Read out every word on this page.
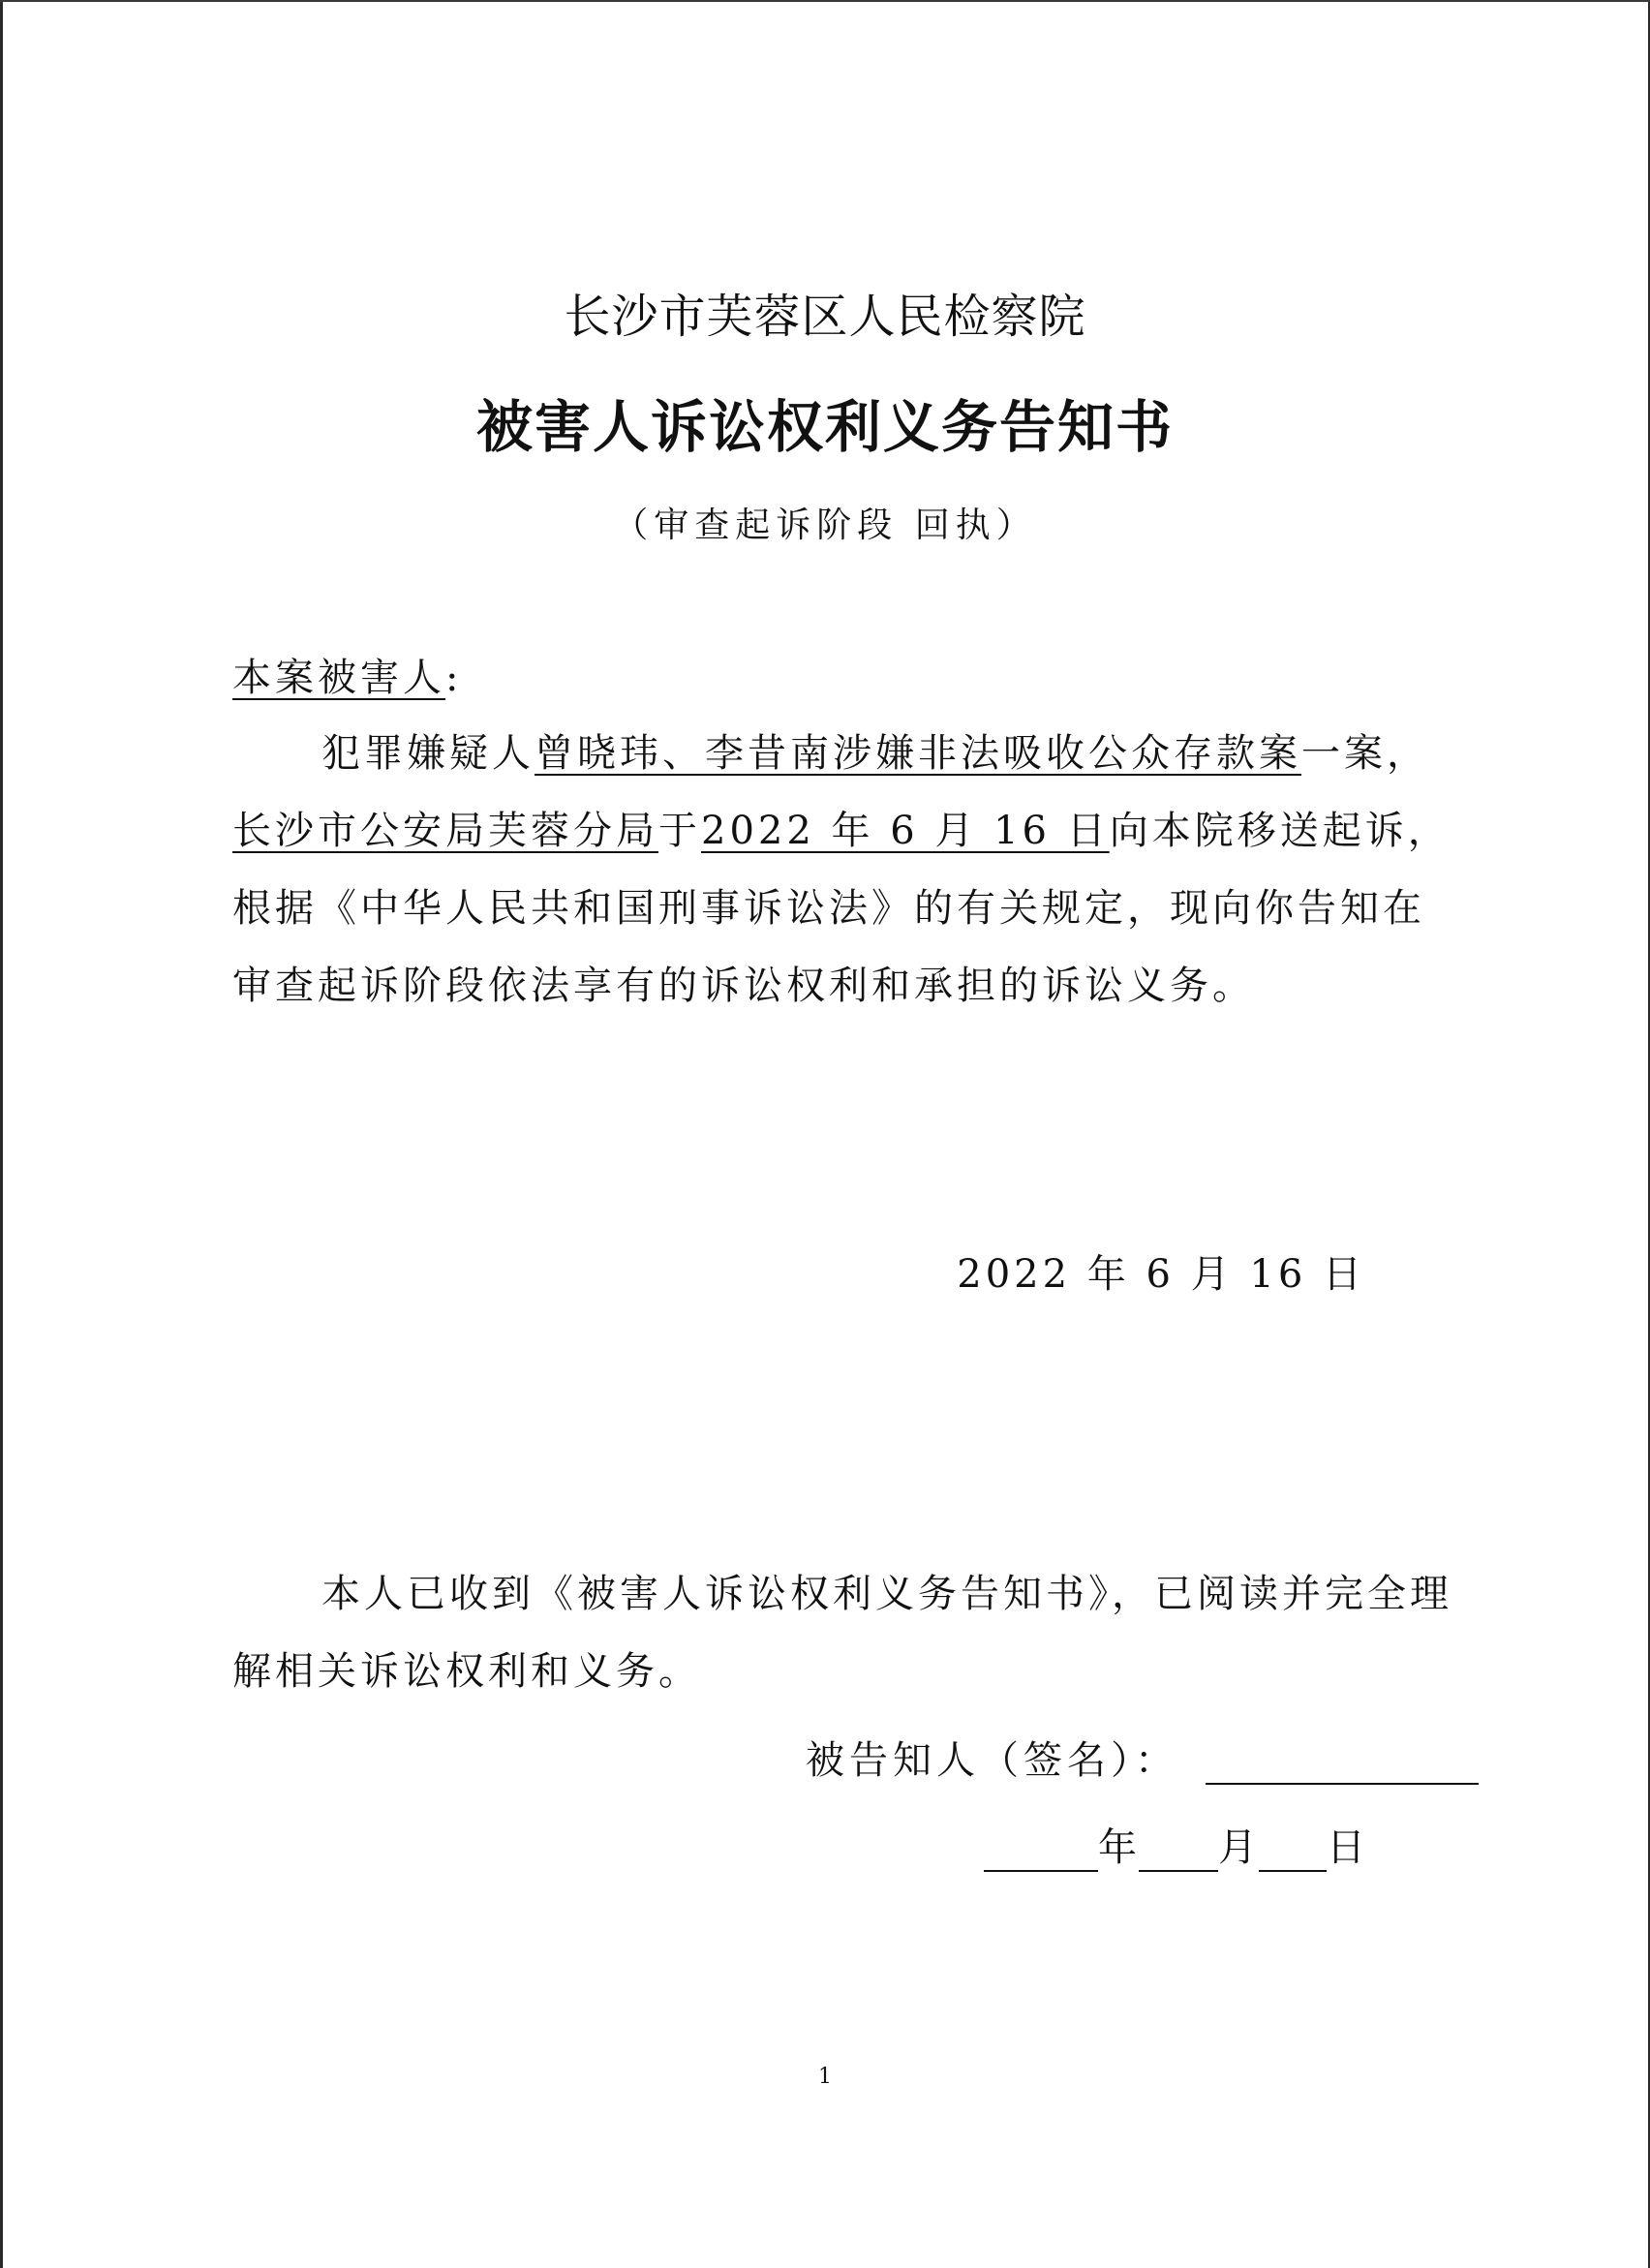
长沙市芙蓉区人民检察院
被害人诉讼权利义务告知书
（审查起诉阶段 回执）
本案被害人:
犯罪嫌疑人曾晓玮、李昔南涉嫌非法吸收公众存款案一案，长沙市公安局芙蓉分局于2022 年 6 月 16 日向本院移送起诉，根据《中华人民共和国刑事诉讼法》的有关规定，现向你告知在审查起诉阶段依法享有的诉讼权利和承担的诉讼义务。
2022 年 6 月 16 日
本人已收到《被害人诉讼权利义务告知书》，已阅读并完全理解相关诉讼权利和义务。
被告知人（签名）：
年 月 日
1
